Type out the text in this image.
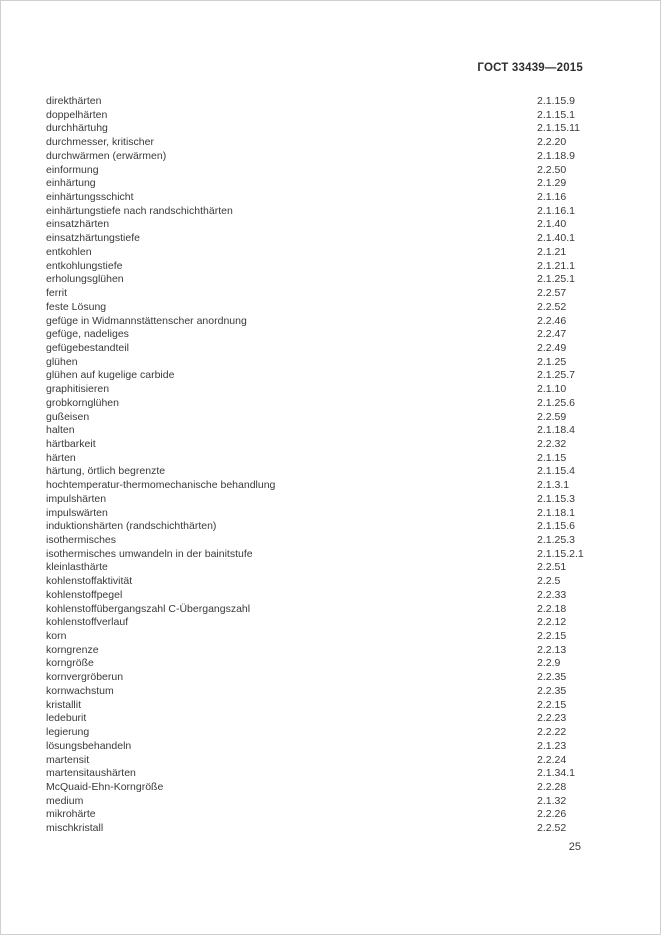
ГОСТ 33439—2015
direkthärten	2.1.15.9
doppelhärten	2.1.15.1
durchhärtuhg	2.1.15.11
durchmesser, kritischer	2.2.20
durchwärmen (erwärmen)	2.1.18.9
einformung	2.2.50
einhärtung	2.1.29
einhärtungsschicht	2.1.16
einhärtungstiefe nach randschichthärten	2.1.16.1
einsatzhärten	2.1.40
einsatzhärtungstiefe	2.1.40.1
entkohlen	2.1.21
entkohlungstiefe	2.1.21.1
erholungsglühen	2.1.25.1
ferrit	2.2.57
feste Lösung	2.2.52
gefüge in Widmannstättenscher anordnung	2.2.46
gefüge, nadeliges	2.2.47
gefügebestandteil	2.2.49
glühen	2.1.25
glühen auf kugelige carbide	2.1.25.7
graphitisieren	2.1.10
grobkornglühen	2.1.25.6
gußeisen	2.2.59
halten	2.1.18.4
härtbarkeit	2.2.32
härten	2.1.15
härtung, örtlich begrenzte	2.1.15.4
hochtemperatur-thermomechanische behandlung	2.1.3.1
impulshärten	2.1.15.3
impulswärten	2.1.18.1
induktionshärten (randschichthärten)	2.1.15.6
isothermisches	2.1.25.3
isothermisches umwandeln in der bainitstufe	2.1.15.2.1
kleinlasthärte	2.2.51
kohlenstoffaktivität	2.2.5
kohlenstoffpegel	2.2.33
kohlenstoffübergangszahl C-Übergangszahl	2.2.18
kohlenstoffverlauf	2.2.12
korn	2.2.15
korngrenze	2.2.13
korngröße	2.2.9
kornvergröberun	2.2.35
kornwachstum	2.2.35
kristallit	2.2.15
ledeburit	2.2.23
legierung	2.2.22
lösungsbehandeln	2.1.23
martensit	2.2.24
martensitaushärten	2.1.34.1
McQuaid-Ehn-Korngröße	2.2.28
medium	2.1.32
mikrohärte	2.2.26
mischkristall	2.2.52
25
